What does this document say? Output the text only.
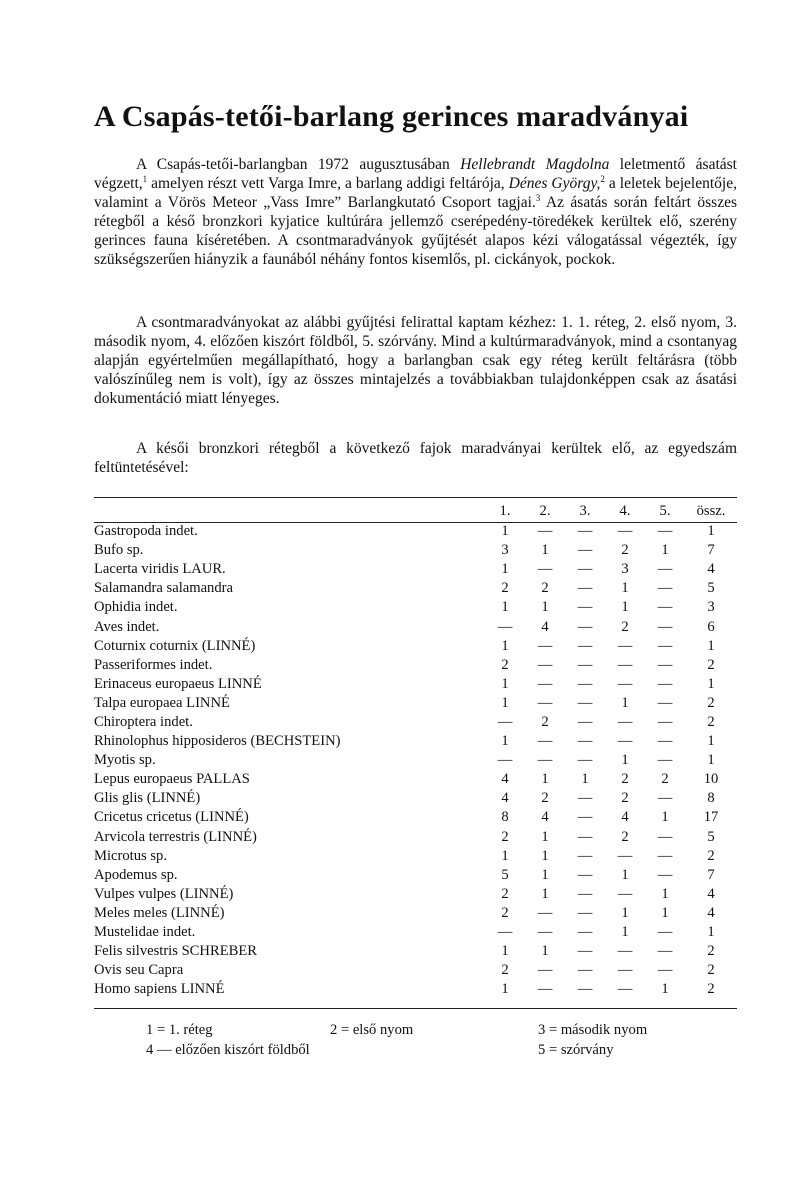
A Csapás-tetői-barlang gerinces maradványai

A Csapás-tetői-barlangban 1972 augusztusában Hellebrandt Magdolna leletmentő ásatást végzett,$^1$ amelyen részt vett Varga Imre, a barlang addigi feltárója, Dénes György,$^2$ a leletek bejelentője, valamint a Vörös Meteor „Vass Imre” Barlangkutató Csoport tagjai.$^3$ Az ásatás során feltárt összes rétegből a késő bronzkori kyjatice kultúrára jellemző cserépedény-töredékek kerültek elő, szerény gerinces fauna kíséretében. A csontmaradványok gyűjtését alapos kézi válogatással végezték, így szükségszerűen hiányzik a faunából néhány fontos kisemlős, pl. cickányok, pockok.

A csontmaradványokat az alábbi gyűjtési felirattal kaptam kézhez: 1. 1. réteg, 2. első nyom, 3. második nyom, 4. előzően kiszórt földből, 5. szórvány. Mind a kultúrmaradványok, mind a csontanyag alapján egyértelműen megállapítható, hogy a barlangban csak egy réteg került feltárásra (több valószínűleg nem is volt), így az összes mintajelzés a továbbiakban tulajdonképpen csak az ásatási dokumentáció miatt lényeges.

A késői bronzkori rétegből a következő fajok maradványai kerültek elő, az egyedszám feltüntetésével:

	1.	2.	3.	4.	5.	össz.
Gastropoda indet.	1	—	—	—	—	1
Bufo sp.	3	1	—	2	1	7
Lacerta viridis LAUR.	1	—	—	3	—	4
Salamandra salamandra	2	2	—	1	—	5
Ophidia indet.	1	1	—	1	—	3
Aves indet.	—	4	—	2	—	6
Coturnix coturnix (LINNÉ)	1	—	—	—	—	1
Passeriformes indet.	2	—	—	—	—	2
Erinaceus europaeus LINNÉ	1	—	—	—	—	1
Talpa europaea LINNÉ	1	—	—	1	—	2
Chiroptera indet.	—	2	—	—	—	2
Rhinolophus hipposideros (BECHSTEIN)	1	—	—	—	—	1
Myotis sp.	—	—	—	1	—	1
Lepus europaeus PALLAS	4	1	1	2	2	10
Glis glis (LINNÉ)	4	2	—	2	—	8
Cricetus cricetus (LINNÉ)	8	4	—	4	1	17
Arvicola terrestris (LINNÉ)	2	1	—	2	—	5
Microtus sp.	1	1	—	—	—	2
Apodemus sp.	5	1	—	1	—	7
Vulpes vulpes (LINNÉ)	2	1	—	—	1	4
Meles meles (LINNÉ)	2	—	—	1	1	4
Mustelidae indet.	—	—	—	1	—	1
Felis silvestris SCHREBER	1	1	—	—	—	2
Ovis seu Capra	2	—	—	—	—	2
Homo sapiens LINNÉ	1	—	—	—	1	2
1 = 1. réteg	2 = első nyom	3 = második nyom
4 — előzően kiszórt földből	5 = szórvány
